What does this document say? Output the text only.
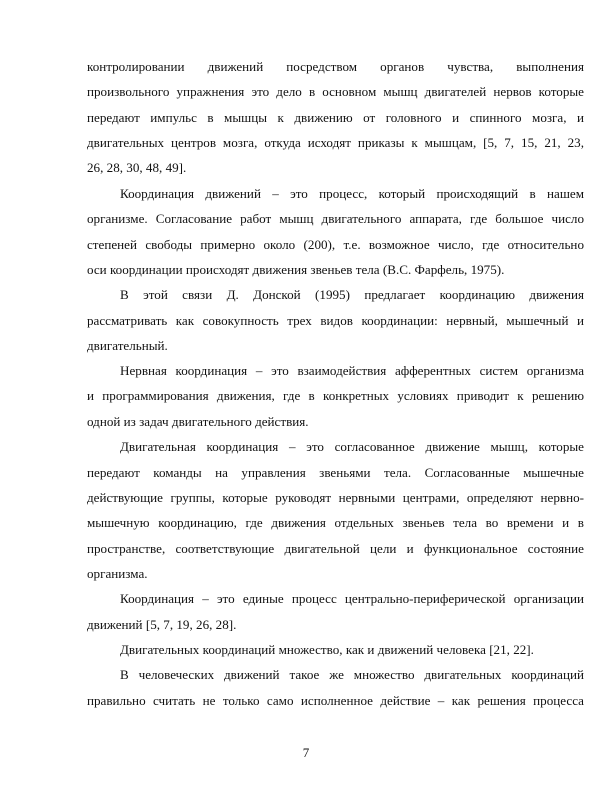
контролировании движений посредством органов чувства, выполнения
произвольного упражнения это дело в основном мышц двигателей нервов которые
передают импульс в мышцы к движению от головного и спинного мозга, и
двигательных центров мозга, откуда исходят приказы к мышцам, [5, 7, 15, 21, 23,
26, 28, 30, 48, 49].
Координация движений – это процесс, который происходящий в нашем
организме. Согласование работ мышц двигательного аппарата, где большое число
степеней свободы примерно около (200), т.е. возможное число, где относительно
оси координации происходят движения звеньев тела (В.С. Фарфель, 1975).
В этой связи Д. Донской (1995) предлагает координацию движения
рассматривать как совокупность трех видов координации: нервный, мышечный и
двигательный.
Нервная координация – это взаимодействия афферентных систем организма
и программирования движения, где в конкретных условиях приводит к решению
одной из задач двигательного действия.
Двигательная координация – это согласованное движение мышц, которые
передают команды на управления звеньями тела. Согласованные мышечные
действующие группы, которые руководят нервными центрами, определяют нервно-
мышечную координацию, где движения отдельных звеньев тела во времени и в
пространстве, соответствующие двигательной цели и функциональное состояние
организма.
Координация – это единые процесс центрально-периферической организации
движений [5, 7, 19, 26, 28].
Двигательных координаций множество, как и движений человека [21, 22].
В человеческих движений такое же множество двигательных координаций
правильно считать не только само исполненное действие – как решения процесса
7
